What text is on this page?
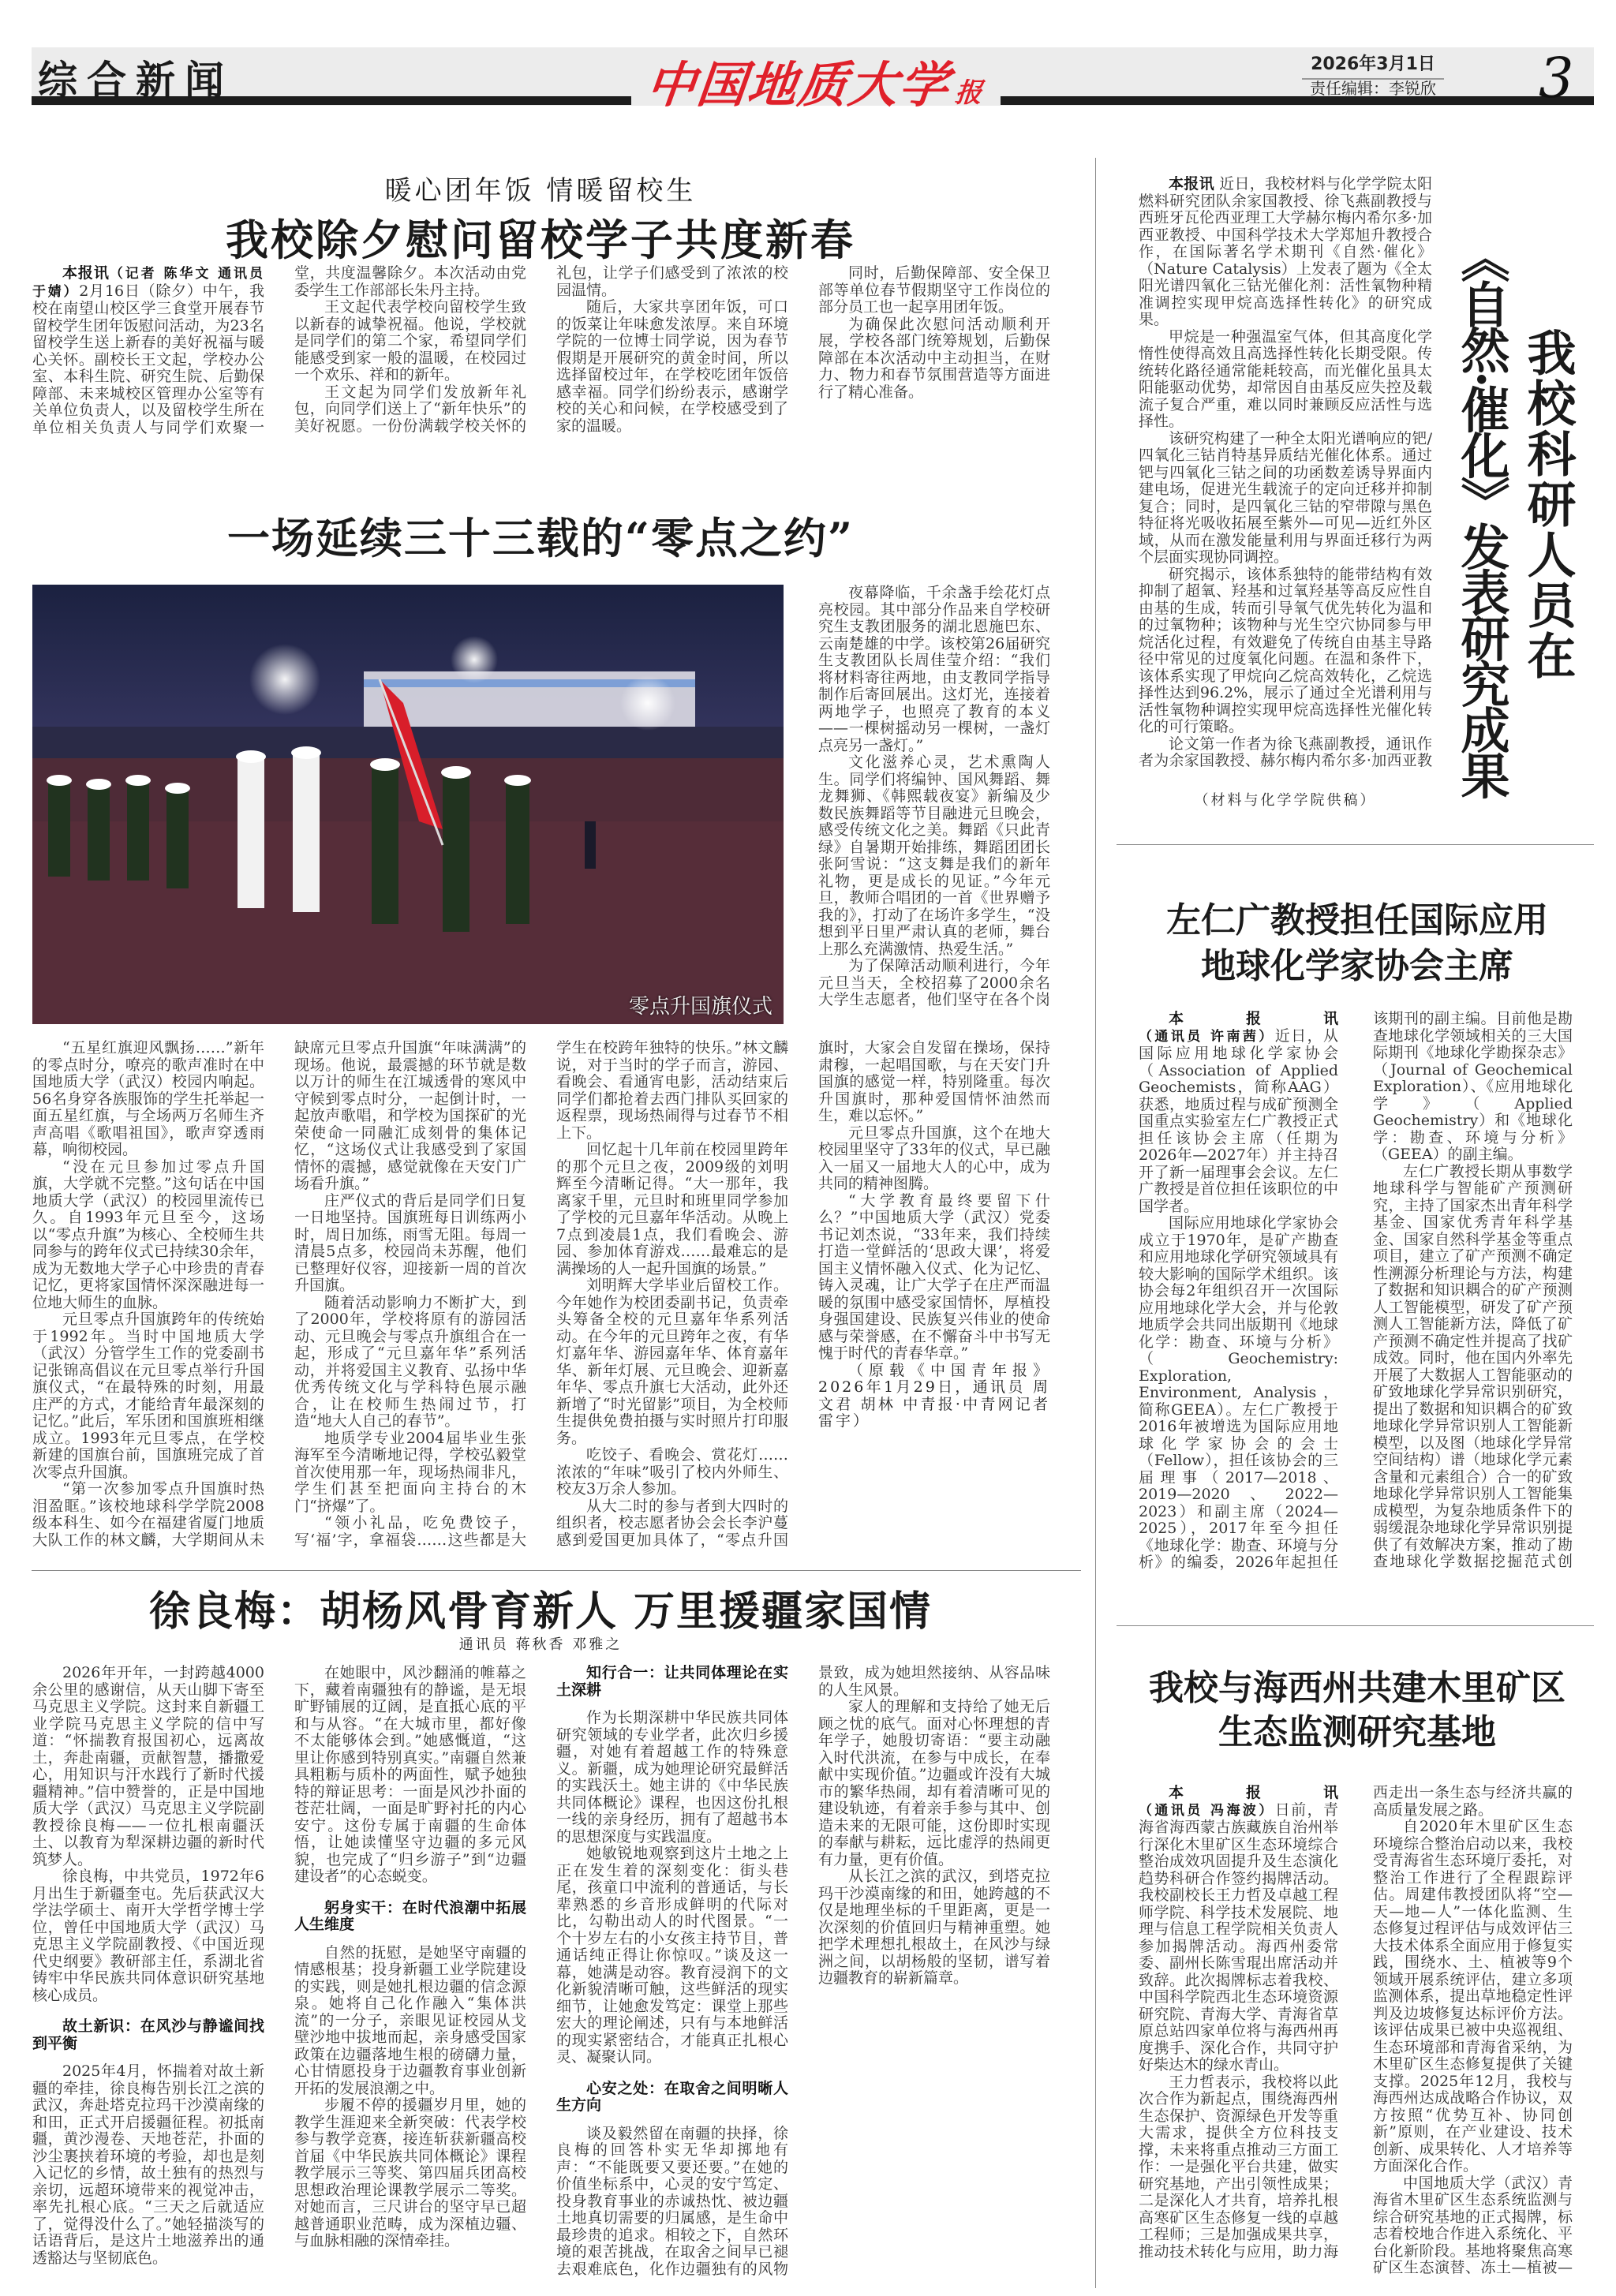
综合新闻	中国地质大学报
2026年3月1日
责任编辑：李锐欣 3
暖心团年饭 情暖留校生
我校除夕慰问留校学子共度新春

本报讯（记者 陈华文 通讯员 于婧）2月16日（除夕）中午，我校在南望山校区学三食堂开展春节留校学生团年饭慰问活动，为23名留校学生送上新春的美好祝福与暖心关怀。副校长王文起，学校办公室、本科生院、研究生院、后勤保障部、未来城校区管理办公室等有关单位负责人，以及留校学生所在单位相关负责人与同学们欢聚一堂，共度温馨除夕。本次活动由党委学生工作部部长朱丹主持。

王文起代表学校向留校学生致以新春的诚挚祝福。他说，学校就是同学们的第二个家，希望同学们能感受到家一般的温暖，在校园过一个欢乐、祥和的新年。

王文起为同学们发放新年礼包，向同学们送上了“新年快乐”的美好祝愿。一份份满载学校关怀的礼包，让学子们感受到了浓浓的校园温情。

随后，大家共享团年饭，可口的饭菜让年味愈发浓厚。来自环境学院的一位博士同学说，因为春节假期是开展研究的黄金时间，所以选择留校过年，在学校吃团年饭倍感幸福。同学们纷纷表示，感谢学校的关心和问候，在学校感受到了家的温暖。

同时，后勤保障部、安全保卫部等单位春节假期坚守工作岗位的部分员工也一起享用团年饭。

为确保此次慰问活动顺利开展，学校各部门统筹规划，后勤保障部在本次活动中主动担当，在财力、物力和春节氛围营造等方面进行了精心准备。

一场延续三十三载的“零点之约”
零点升国旗仪式

夜幕降临，千余盏手绘花灯点亮校园。其中部分作品来自学校研究生支教团服务的湖北恩施巴东、云南楚雄的中学。该校第26届研究生支教团队长周佳莹介绍：“我们将材料寄往两地，由支教同学指导制作后寄回展出。这灯光，连接着两地学子，也照亮了教育的本义——一棵树摇动另一棵树，一盏灯点亮另一盏灯。”

文化滋养心灵，艺术熏陶人生。同学们将编钟、国风舞蹈、舞龙舞狮、《韩熙载夜宴》新编及少数民族舞蹈等节目融进元旦晚会，感受传统文化之美。舞蹈《只此青绿》自暑期开始排练，舞蹈团团长张阿雪说：“这支舞是我们的新年礼物，更是成长的见证。”今年元旦，教师合唱团的一首《世界赠予我的》，打动了在场许多学生，“没想到平日里严肃认真的老师，舞台上那么充满激情、热爱生活。”

为了保障活动顺利进行，今年元旦当天，全校招募了2000余名大学生志愿者，他们坚守在各个岗

“五星红旗迎风飘扬……”新年的零点时分，嘹亮的歌声准时在中国地质大学（武汉）校园内响起。56名身穿各族服饰的学生托举起一面五星红旗，与全场两万名师生齐声高唱《歌唱祖国》，歌声穿透雨幕，响彻校园。

“没在元旦参加过零点升国旗，大学就不完整。”这句话在中国地质大学（武汉）的校园里流传已久。自1993年元旦至今，这场以“零点升旗”为核心、全校师生共同参与的跨年仪式已持续30余年，成为无数地大学子心中珍贵的青春记忆，更将家国情怀深深融进每一位地大师生的血脉。

元旦零点升国旗跨年的传统始于1992年。当时中国地质大学（武汉）分管学生工作的党委副书记张锦高倡议在元旦零点举行升国旗仪式，“在最特殊的时刻，用最庄严的方式，才能给青年最深刻的记忆。”此后，军乐团和国旗班相继成立。1993年元旦零点，在学校新建的国旗台前，国旗班完成了首次零点升国旗。

“第一次参加零点升国旗时热泪盈眶。”该校地球科学学院2008级本科生、如今在福建省厦门地质大队工作的林文麟，大学期间从未缺席元旦零点升国旗“年味满满”的现场。他说，最震撼的环节就是数以万计的师生在江城透骨的寒风中守候到零点时分，一起倒计时，一起放声歌唱，和学校为国探矿的光荣使命一同融汇成刻骨的集体记忆，“这场仪式让我感受到了家国情怀的震撼，感觉就像在天安门广场看升旗。”

庄严仪式的背后是同学们日复一日地坚持。国旗班每日训练两小时，周日加练，雨雪无阻。每周一清晨5点多，校园尚未苏醒，他们已整理好仪容，迎接新一周的首次升国旗。

随着活动影响力不断扩大，到了2000年，学校将原有的游园活动、元旦晚会与零点升旗组合在一起，形成了“元旦嘉年华”系列活动，并将爱国主义教育、弘扬中华优秀传统文化与学科特色展示融合，让在校师生热闹过节，打造“地大人自己的春节”。

地质学专业2004届毕业生张海军至今清晰地记得，学校弘毅堂首次使用那一年，现场热闹非凡，学生们甚至把面向主持台的木门“挤爆”了。

“领小礼品，吃免费饺子，写‘福’字，拿福袋……这些都是大学生在校跨年独特的快乐。”林文麟说，对于当时的学子而言，游园、看晚会、看通宵电影，活动结束后同学们都抢着去西门排队买回家的返程票，现场热闹得与过春节不相上下。

回忆起十几年前在校园里跨年的那个元旦之夜，2009级的刘明辉至今清晰记得。“大一那年，我离家千里，元旦时和班里同学参加了学校的元旦嘉年华活动。从晚上7点到凌晨1点，我们看晚会、游园、参加体育游戏……最难忘的是满操场的人一起升国旗的场景。”

刘明辉大学毕业后留校工作。今年她作为校团委副书记，负责牵头筹备全校的元旦嘉年华系列活动。在今年的元旦跨年之夜，有华灯嘉年华、游园嘉年华、体育嘉年华、新年灯展、元旦晚会、迎新嘉年华、零点升旗七大活动，此外还新增了“时光留影”项目，为全校师生提供免费拍摄与实时照片打印服务。

吃饺子、看晚会、赏花灯……浓浓的“年味”吸引了校内外师生、校友3万余人参加。

从大二时的参与者到大四时的组织者，校志愿者协会会长李沪蔓感到爱国更加具体了，“零点升国旗时，大家会自发留在操场，保持肃穆，一起唱国歌，与在天安门升国旗的感觉一样，特别隆重。每次升国旗时，那种爱国情怀油然而生，难以忘怀。”

元旦零点升国旗，这个在地大校园里坚守了33年的仪式，早已融入一届又一届地大人的心中，成为共同的精神图腾。

“大学教育最终要留下什么？”中国地质大学（武汉）党委书记刘杰说，“33年来，我们持续打造一堂鲜活的‘思政大课’，将爱国主义情怀融入仪式、化为记忆、铸入灵魂，让广大学子在庄严而温暖的氛围中感受家国情怀，厚植投身强国建设、民族复兴伟业的使命感与荣誉感，在不懈奋斗中书写无愧于时代的青春华章。”

（原载《中国青年报》2026年1月29日，通讯员 周文君 胡林 中青报·中青网记者 雷宇）

本报讯 近日，我校材料与化学学院太阳燃料研究团队余家国教授、徐飞燕副教授与西班牙瓦伦西亚理工大学赫尔梅内希尔多·加西亚教授、中国科学技术大学郑旭升教授合作，在国际著名学术期刊《自然·催化》（Nature Catalysis）上发表了题为《全太阳光谱四氧化三钴光催化剂：活性氧物种精准调控实现甲烷高选择性转化》的研究成果。

甲烷是一种强温室气体，但其高度化学惰性使得高效且高选择性转化长期受限。传统转化路径通常能耗较高，而光催化虽具太阳能驱动优势，却常因自由基反应失控及载流子复合严重，难以同时兼顾反应活性与选择性。

该研究构建了一种全太阳光谱响应的钯/四氧化三钴肖特基异质结光催化体系。通过钯与四氧化三钴之间的功函数差诱导界面内建电场，促进光生载流子的定向迁移并抑制复合；同时，是四氧化三钴的窄带隙与黑色特征将光吸收拓展至紫外—可见—近红外区域，从而在激发能量利用与界面迁移行为两个层面实现协同调控。

研究揭示，该体系独特的能带结构有效抑制了超氧、羟基和过氧羟基等高反应性自由基的生成，转而引导氧气优先转化为温和的过氧物种；该物种与光生空穴协同参与甲烷活化过程，有效避免了传统自由基主导路径中常见的过度氧化问题。在温和条件下，该体系实现了甲烷向乙烷高效转化，乙烷选择性达到96.2%，展示了通过全光谱利用与活性氧物种调控实现甲烷高选择性光催化转化的可行策略。

论文第一作者为徐飞燕副教授，通讯作者为余家国教授、赫尔梅内希尔多·加西亚教

（材料与化学学院供稿）
我校科研人员在
《自然·催化》发表研究成果
左仁广教授担任国际应用
地球化学家协会主席

本报讯（通讯员 许南茜）近日，从国际应用地球化学家协会（Association of Applied Geochemists，简称AAG）获悉，地质过程与成矿预测全国重点实验室左仁广教授正式担任该协会主席（任期为2026年—2027年）并主持召开了新一届理事会会议。左仁广教授是首位担任该职位的中国学者。

国际应用地球化学家协会成立于1970年，是矿产勘查和应用地球化学研究领域具有较大影响的国际学术组织。该协会每2年组织召开一次国际应用地球化学大会，并与伦敦地质学会共同出版期刊《地球化学：勘查、环境与分析》（Geochemistry: Exploration, Environment, Analysis，简称GEEA）。左仁广教授于2016年被增选为国际应用地球化学家协会的会士（Fellow），担任该协会的三届理事（2017—2018、2019—2020、2022—2023）和副主席（2024—2025），2017年至今担任《地球化学：勘查、环境与分析》的编委，2026年起担任该期刊的副主编。目前他是勘查地球化学领域相关的三大国际期刊《地球化学勘探杂志》（Journal of Geochemical Exploration）、《应用地球化学》（Applied Geochemistry）和《地球化学：勘查、环境与分析》（GEEA）的副主编。

左仁广教授长期从事数学地球科学与智能矿产预测研究，主持了国家杰出青年科学基金、国家优秀青年科学基金、国家自然科学基金等重点项目，建立了矿产预测不确定性溯源分析理论与方法，构建了数据和知识耦合的矿产预测人工智能模型，研发了矿产预测人工智能新方法，降低了矿产预测不确定性并提高了找矿成效。同时，他在国内外率先开展了大数据人工智能驱动的矿致地球化学异常识别研究，提出了数据和知识耦合的矿致地球化学异常识别人工智能新模型，以及图（地球化学异常空间结构）谱（地球化学元素含量和元素组合）合一的矿致地球化学异常识别人工智能集成模型，为复杂地质条件下的弱缓混杂地球化学异常识别提供了有效解决方案，推动了勘查地球化学数据挖掘范式创

徐良梅：胡杨风骨育新人 万里援疆家国情
通讯员 蒋秋香 邓雅之

2026年开年，一封跨越4000余公里的感谢信，从天山脚下寄至马克思主义学院。这封来自新疆工业学院马克思主义学院的信中写道：“怀揣教育报国初心，远离故土，奔赴南疆，贡献智慧，播撒爱心，用知识与汗水践行了新时代援疆精神。”信中赞誉的，正是中国地质大学（武汉）马克思主义学院副教授徐良梅——一位扎根南疆沃土、以教育为犁深耕边疆的新时代筑梦人。

徐良梅，中共党员，1972年6月出生于新疆奎屯。先后获武汉大学法学硕士、南开大学哲学博士学位，曾任中国地质大学（武汉）马克思主义学院副教授、《中国近现代史纲要》教研部主任，系湖北省铸牢中华民族共同体意识研究基地核心成员。

故土新识：在风沙与静谧间找到平衡

2025年4月，怀揣着对故土新疆的牵挂，徐良梅告别长江之滨的武汉，奔赴塔克拉玛干沙漠南缘的和田，正式开启援疆征程。初抵南疆，黄沙漫卷、天地苍茫，扑面的沙尘裹挟着环境的考验，却也是刻入记忆的乡情，故土独有的热烈与亲切，远超环境带来的视觉冲击，率先扎根心底。“三天之后就适应了，觉得没什么了。”她轻描淡写的话语背后，是这片土地滋养出的通透豁达与坚韧底色。

在她眼中，风沙翻涌的帷幕之下，藏着南疆独有的静谧，是无垠旷野铺展的辽阔，是直抵心底的平和与从容。“在大城市里，都好像不太能够体会到。”她感慨道，“这里让你感到特别真实。”南疆自然兼具粗粝与质朴的两面性，赋予她独特的辩证思考：一面是风沙扑面的苍茫壮阔，一面是旷野衬托的内心安宁。这份专属于南疆的生命体悟，让她读懂坚守边疆的多元风貌，也完成了“归乡游子”到“边疆建设者”的心态蜕变。

躬身实干：在时代浪潮中拓展人生维度

自然的抚慰，是她坚守南疆的情感根基；投身新疆工业学院建设的实践，则是她扎根边疆的信念源泉。她将自己化作融入“集体洪流”的一分子，亲眼见证校园从戈壁沙地中拔地而起，亲身感受国家政策在边疆落地生根的磅礴力量，心甘情愿投身于边疆教育事业创新开拓的发展浪潮之中。

步履不停的援疆岁月里，她的教学生涯迎来全新突破：代表学校参与教学竞赛，接连斩获新疆高校首届《中华民族共同体概论》课程教学展示三等奖、第四届兵团高校思想政治理论课教学展示二等奖。对她而言，三尺讲台的坚守早已超越普通职业范畴，成为深植边疆、与血脉相融的深情牵挂。

知行合一：让共同体理论在实土深耕

作为长期深耕中华民族共同体研究领域的专业学者，此次归乡援疆，对她有着超越工作的特殊意义。新疆，成为她理论研究最鲜活的实践沃土。她主讲的《中华民族共同体概论》课程，也因这份扎根一线的亲身经历，拥有了超越书本的思想深度与实践温度。

她敏锐地观察到这片土地之上正在发生着的深刻变化：街头巷尾，孩童口中流利的普通话，与长辈熟悉的乡音形成鲜明的代际对比，勾勒出动人的时代图景。“一个十岁左右的小女孩主持节目，普通话纯正得让你惊叹。”谈及这一幕，她满是动容。教育浸润下的文化新貌清晰可触，这些鲜活的现实细节，让她愈发笃定：课堂上那些宏大的理论阐述，只有与本地鲜活的现实紧密结合，才能真正扎根心灵、凝聚认同。

心安之处：在取舍之间明晰人生方向

谈及毅然留在南疆的抉择，徐良梅的回答朴实无华却掷地有声：“不能既要又要还要。”在她的价值坐标系中，心灵的安宁笃定、投身教育事业的赤诚热忱、被边疆土地真切需要的归属感，是生命中最珍贵的追求。相较之下，自然环境的艰苦挑战，在取舍之间早已褪去艰难底色，化作边疆独有的风物景致，成为她坦然接纳、从容品味的人生风景。

家人的理解和支持给了她无后顾之忧的底气。面对心怀理想的青年学子，她殷切寄语：“要主动融入时代洪流，在参与中成长，在奉献中实现价值。”边疆或许没有大城市的繁华热闹，却有着清晰可见的建设轨迹，有着亲手参与其中、创造未来的无限可能，这份即时实现的奉献与耕耘，远比虚浮的热闹更有力量，更有价值。

从长江之滨的武汉，到塔克拉玛干沙漠南缘的和田，她跨越的不仅是地理坐标的千里距离，更是一次深刻的价值回归与精神重塑。她把学术理想扎根故土，在风沙与绿洲之间，以胡杨般的坚韧，谱写着边疆教育的崭新篇章。

我校与海西州共建木里矿区
生态监测研究基地

本报讯（通讯员 冯海波）日前，青海省海西蒙古族藏族自治州举行深化木里矿区生态环境综合整治成效巩固提升及生态演化趋势科研合作签约揭牌活动。我校副校长王力哲及卓越工程师学院、科学技术发展院、地理与信息工程学院相关负责人参加揭牌活动。海西州委常委、副州长陈雪琨出席活动并致辞。此次揭牌标志着我校、中国科学院西北生态环境资源研究院、青海大学、青海省草原总站四家单位将与海西州再度携手、深化合作，共同守护好柴达木的绿水青山。

王力哲表示，我校将以此次合作为新起点，围绕海西州生态保护、资源绿色开发等重大需求，提供全方位科技支撑，未来将重点推动三方面工作：一是强化平台共建，做实研究基地，产出引领性成果；二是深化人才共育，培养扎根高寒矿区生态修复一线的卓越工程师；三是加强成果共享，推动技术转化与应用，助力海西走出一条生态与经济共赢的高质量发展之路。

自2020年木里矿区生态环境综合整治启动以来，我校受青海省生态环境厅委托，对整治工作进行了全程跟踪评估。周建伟教授团队将“空—天—地—人”一体化监测、生态修复过程评估与成效评估三大技术体系全面应用于修复实践，围绕水、土、植被等9个领域开展系统评估，建立多项监测体系，提出草地稳定性评判及边坡修复达标评价方法。该评估成果已被中央巡视组、生态环境部和青海省采纳，为木里矿区生态修复提供了关键支撑。2025年12月，我校与海西州达成战略合作协议，双方按照“优势互补、协同创新”原则，在产业建设、技术创新、成果转化、人才培养等方面深化合作。

中国地质大学（武汉）青海省木里矿区生态系统监测与综合研究基地的正式揭牌，标志着校地合作进入系统化、平台化新阶段。基地将聚焦高寒矿区生态演替、冻土—植被—
